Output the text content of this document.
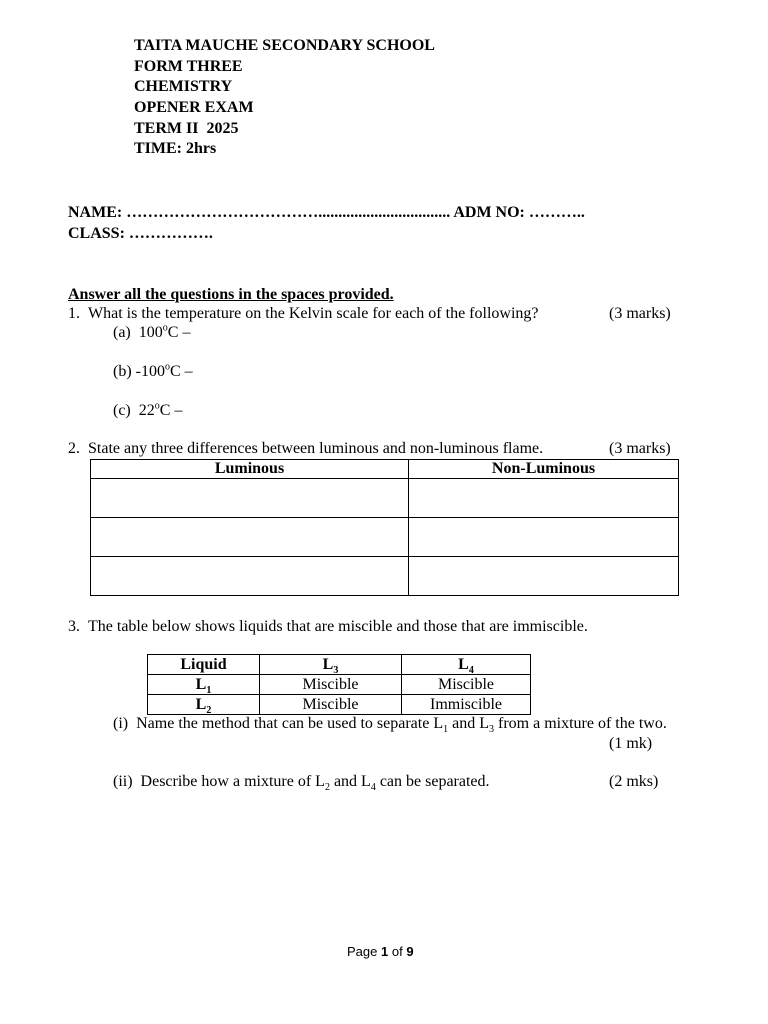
TAITA MAUCHE SECONDARY SCHOOL
FORM THREE
CHEMISTRY
OPENER EXAM
TERM II  2025
TIME: 2hrs
NAME: ………………………………................................. ADM NO: ………..
CLASS: …………….
Answer all the questions in the spaces provided.
1. What is the temperature on the Kelvin scale for each of the following?	(3 marks)
(a) 100$^o$C –
(b) -100$^o$C –
(c) 22$^o$C –
2. State any three differences between luminous and non-luminous flame.	(3 marks)
Luminous	Non-Luminous

3. The table below shows liquids that are miscible and those that are immiscible.
Liquid	$L_3$	$L_4$
$L_1$	Miscible	Miscible
$L_2$	Miscible	Immiscible
(i) Name the method that can be used to separate $L_1$ and $L_3$ from a mixture of the two.
(1 mk)
(ii) Describe how a mixture of $L_2$ and $L_4$ can be separated.	(2 mks)
Page 1 of 9
